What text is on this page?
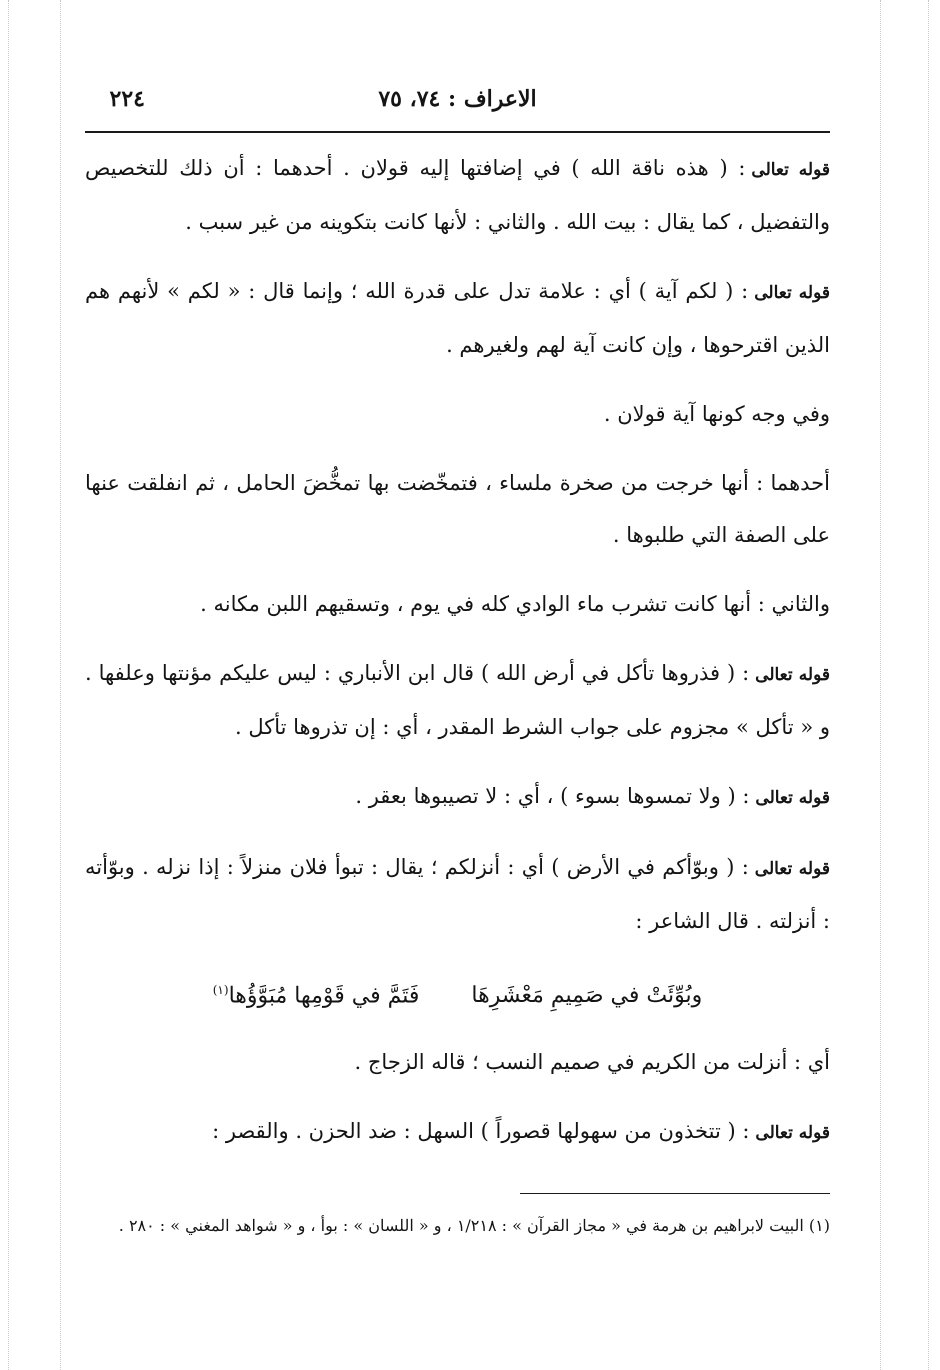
٢٢٤	الاعراف : ٧٤، ٧٥

قوله تعالى: ( هذه ناقة الله ) في إضافتها إليه قولان . أحدهما : أن ذلك للتخصيص والتفضيل ، كما يقال : بيت الله . والثاني : لأنها كانت بتكوينه من غير سبب .

قوله تعالى: ( لكم آية ) أي : علامة تدل على قدرة الله ؛ وإنما قال : « لكم » لأنهم هم الذين اقترحوها ، وإن كانت آية لهم ولغيرهم .

وفي وجه كونها آية قولان .

أحدهما : أنها خرجت من صخرة ملساء ، فتمخّضت بها تمخُّضَ الحامل ، ثم انفلقت عنها على الصفة التي طلبوها .

والثاني : أنها كانت تشرب ماء الوادي كله في يوم ، وتسقيهم اللبن مكانه .

قوله تعالى: ( فذروها تأكل في أرض الله ) قال ابن الأنباري : ليس عليكم مؤنتها وعلفها . و « تأكل » مجزوم على جواب الشرط المقدر ، أي : إن تذروها تأكل .

قوله تعالى: ( ولا تمسوها بسوء ) ، أي : لا تصيبوها بعقر .

قوله تعالى: ( وبوّأكم في الأرض ) أي : أنزلكم ؛ يقال : تبوأ فلان منزلاً : إذا نزله . وبوّأته : أنزلته . قال الشاعر :

وبُوِّئَتْ في صَمِيمِ مَعْشَرِهَافَتَمَّ في قَوْمِها مُبَوَّؤُها$^{(١)}$

أي : أنزلت من الكريم في صميم النسب ؛ قاله الزجاج .

قوله تعالى: ( تتخذون من سهولها قصوراً ) السهل : ضد الحزن . والقصر :

(١) البيت لابراهيم بن هرمة في « مجاز القرآن » : ١/٢١٨ ، و « اللسان » : بوأ ، و « شواهد المغني » : ٢٨٠ .
